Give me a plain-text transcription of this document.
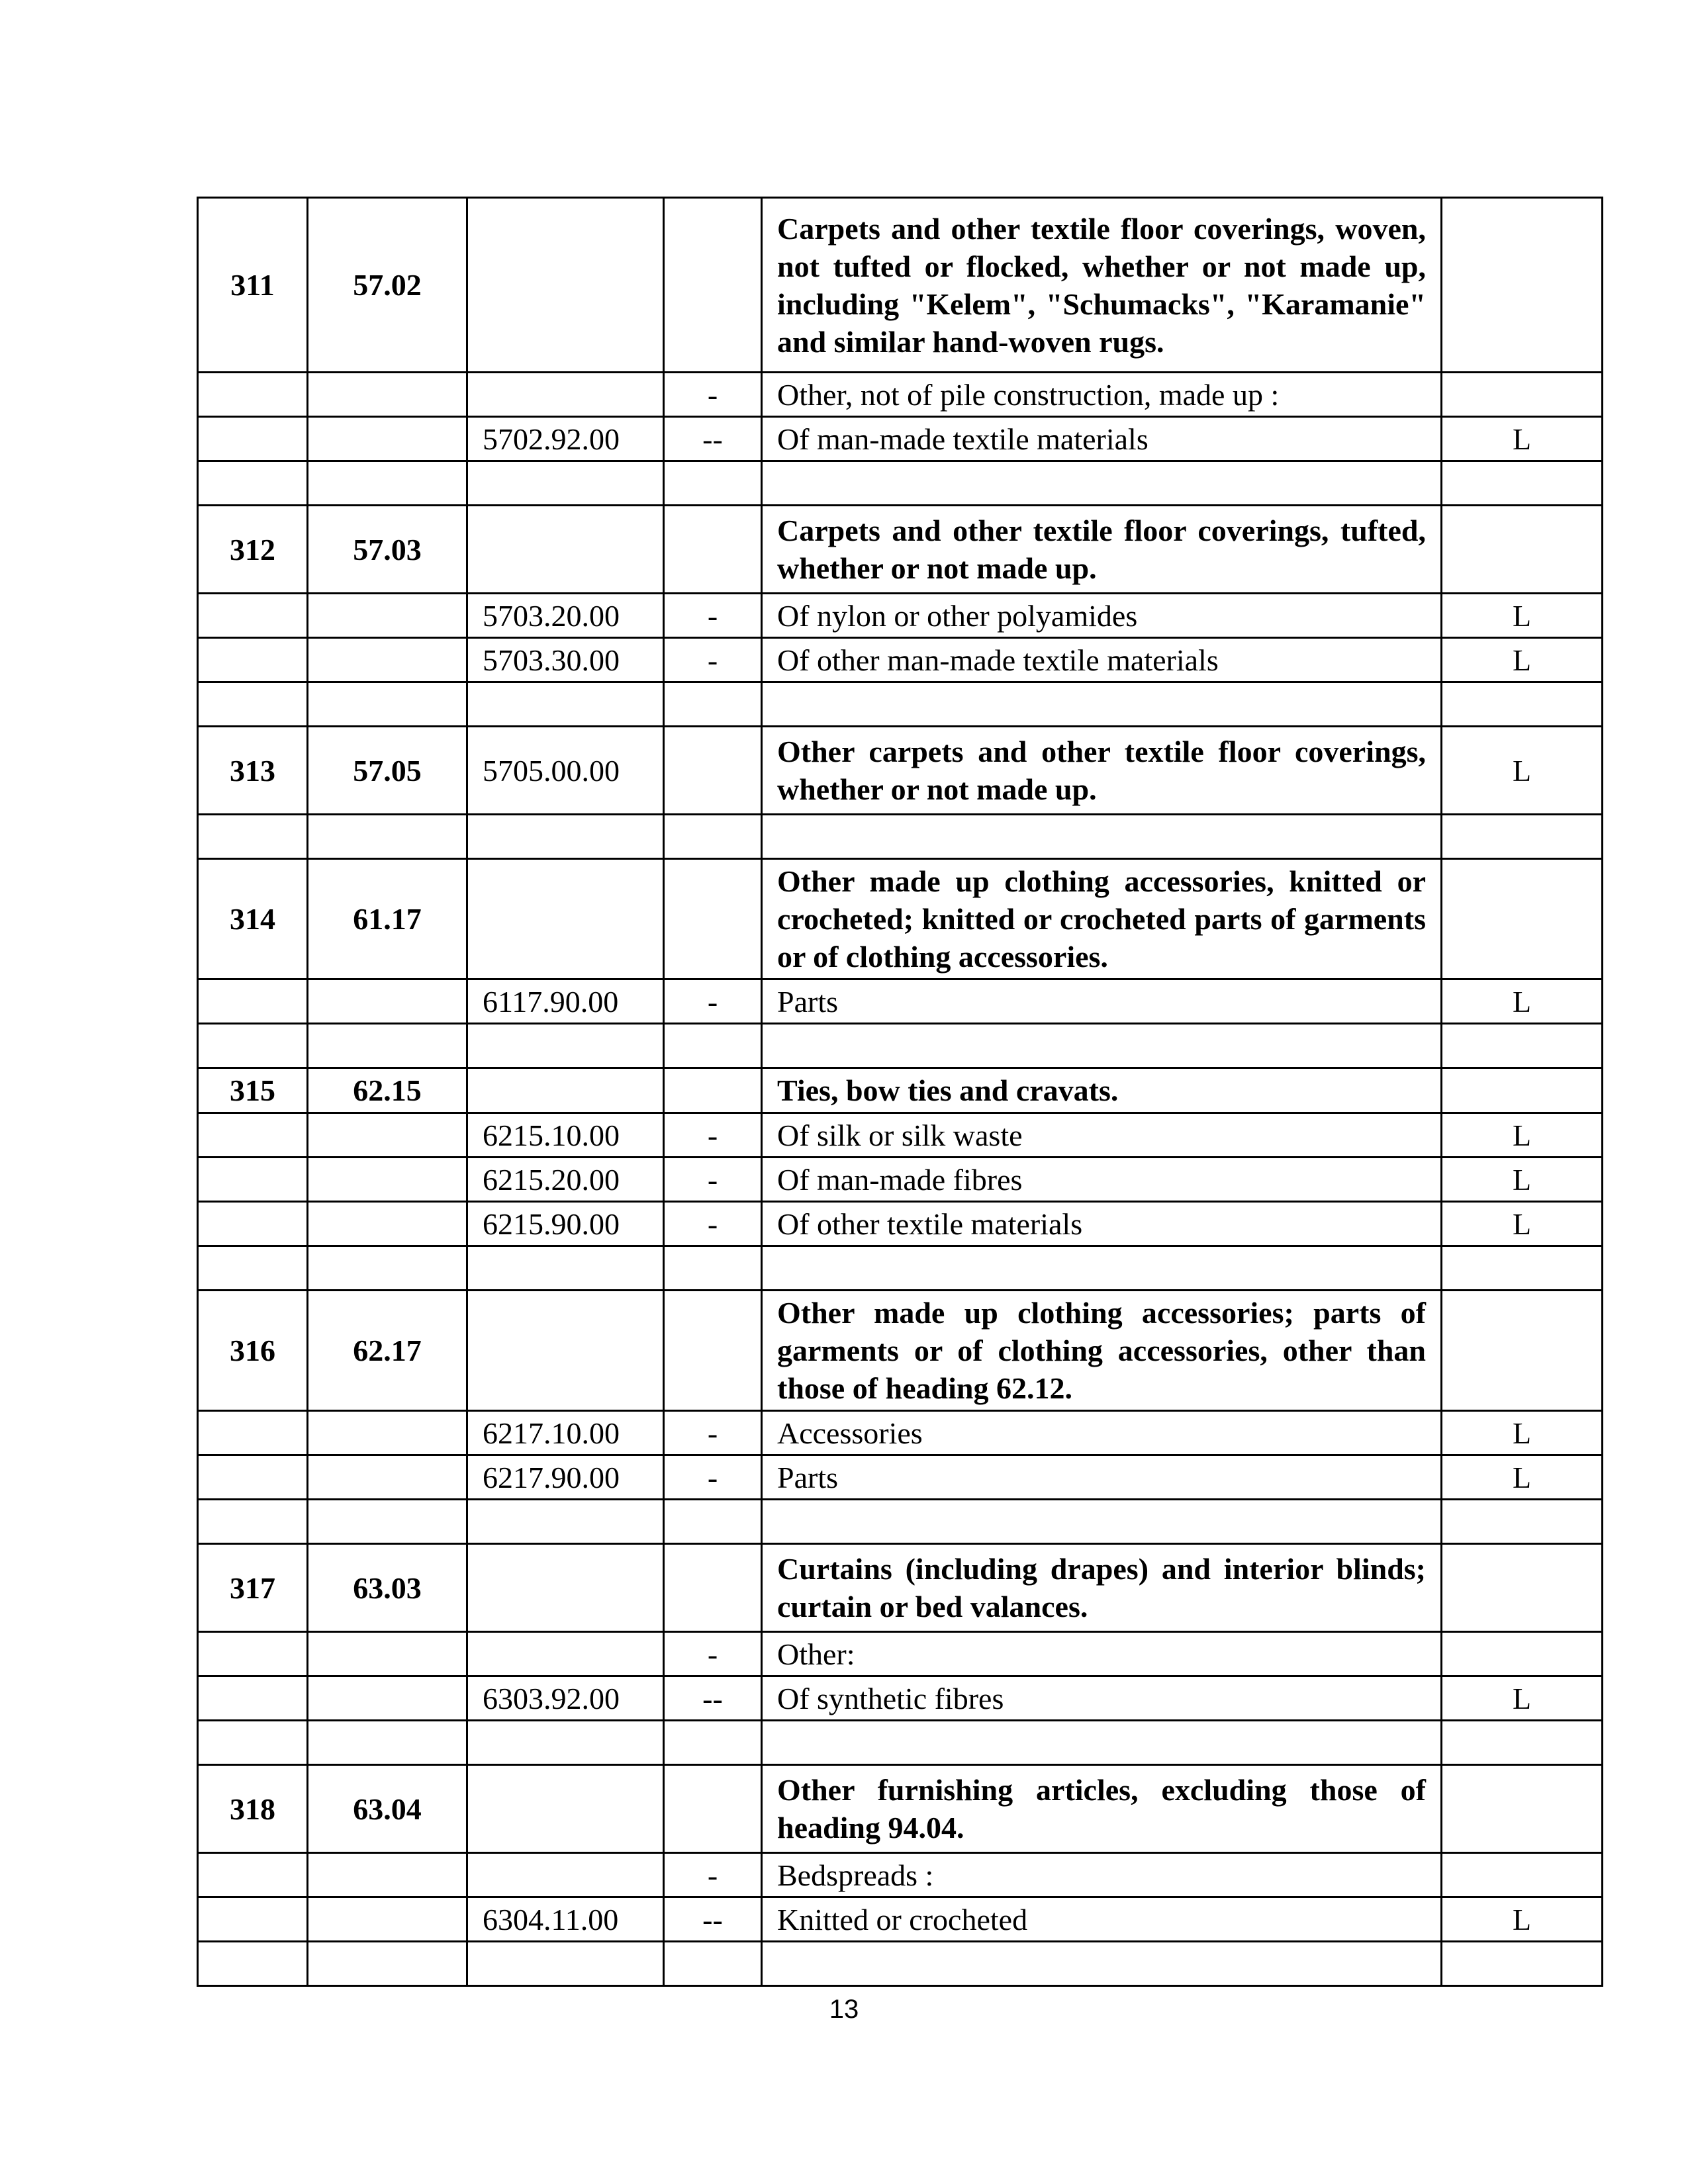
311	57.02			Carpets and other textile floor coverings, woven, not tufted or flocked, whether or not made up, including "Kelem", "Schumacks", "Karamanie" and similar hand-woven rugs.	
			-	Other, not of pile construction, made up :	
		5702.92.00	--	Of man-made textile materials	L

312	57.03			Carpets and other textile floor coverings, tufted, whether or not made up.	
		5703.20.00	-	Of nylon or other polyamides	L
		5703.30.00	-	Of other man-made textile materials	L

313	57.05	5705.00.00		Other carpets and other textile floor coverings, whether or not made up.	L

314	61.17			Other made up clothing accessories, knitted or crocheted; knitted or crocheted parts of garments or of clothing accessories.	
		6117.90.00	-	Parts	L

315	62.15			Ties, bow ties and cravats.	
		6215.10.00	-	Of silk or silk waste	L
		6215.20.00	-	Of man-made fibres	L
		6215.90.00	-	Of other textile materials	L

316	62.17			Other made up clothing accessories; parts of garments or of clothing accessories, other than those of heading 62.12.	
		6217.10.00	-	Accessories	L
		6217.90.00	-	Parts	L

317	63.03			Curtains (including drapes) and interior blinds; curtain or bed valances.	
			-	Other:	
		6303.92.00	--	Of synthetic fibres	L

318	63.04			Other furnishing articles, excluding those of heading 94.04.	
			-	Bedspreads :	
		6304.11.00	--	Knitted or crocheted	L

13
